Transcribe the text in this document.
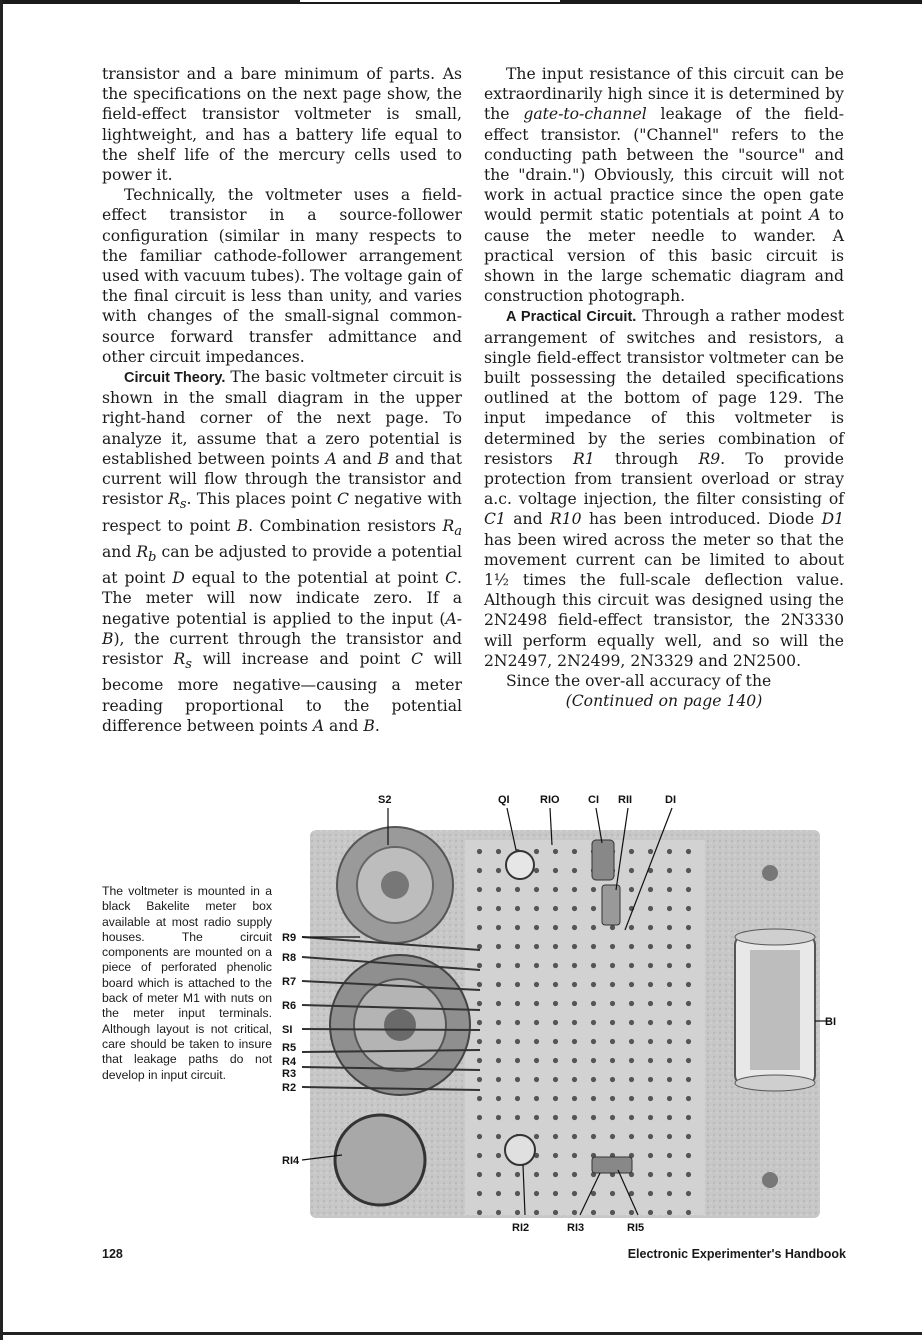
transistor and a bare minimum of parts. As the specifications on the next page show, the field-effect transistor voltmeter is small, lightweight, and has a battery life equal to the shelf life of the mercury cells used to power it.

Technically, the voltmeter uses a field-effect transistor in a source-follower configuration (similar in many respects to the familiar cathode-follower arrangement used with vacuum tubes). The voltage gain of the final circuit is less than unity, and varies with changes of the small-signal common-source forward transfer admittance and other circuit impedances.

Circuit Theory. The basic voltmeter circuit is shown in the small diagram in the upper right-hand corner of the next page. To analyze it, assume that a zero potential is established between points A and B and that current will flow through the transistor and resistor $R_s$. This places point C negative with respect to point B. Combination resistors $R_a$ and $R_b$ can be adjusted to provide a potential at point D equal to the potential at point C. The meter will now indicate zero. If a negative potential is applied to the input (A-B), the current through the transistor and resistor $R_s$ will increase and point C will become more negative—causing a meter reading proportional to the potential difference between points A and B.

The input resistance of this circuit can be extraordinarily high since it is determined by the gate-to-channel leakage of the field-effect transistor. ("Channel" refers to the conducting path between the "source" and the "drain.") Obviously, this circuit will not work in actual practice since the open gate would permit static potentials at point A to cause the meter needle to wander. A practical version of this basic circuit is shown in the large schematic diagram and construction photograph.

A Practical Circuit. Through a rather modest arrangement of switches and resistors, a single field-effect transistor voltmeter can be built possessing the detailed specifications outlined at the bottom of page 129. The input impedance of this voltmeter is determined by the series combination of resistors R1 through R9. To provide protection from transient overload or stray a.c. voltage injection, the filter consisting of C1 and R10 has been introduced. Diode D1 has been wired across the meter so that the movement current can be limited to about 1½ times the full-scale deflection value. Although this circuit was designed using the 2N2498 field-effect transistor, the 2N3330 will perform equally well, and so will the 2N2497, 2N2499, 2N3329 and 2N2500.

Since the over-all accuracy of the

(Continued on page 140)
The voltmeter is mounted in a black Bakelite meter box available at most radio supply houses. The circuit components are mounted on a piece of perforated phenolic board which is attached to the back of meter M1 with nuts on the meter input terminals. Although layout is not critical, care should be taken to insure that leakage paths do not develop in input circuit.
S2	QI	RIO	CI RII	DI
R9
R8
R7
R6
SI
R5
R4
R3
R2
RI4
BI
RI2	RI3	RI5
128	Electronic Experimenter's Handbook
